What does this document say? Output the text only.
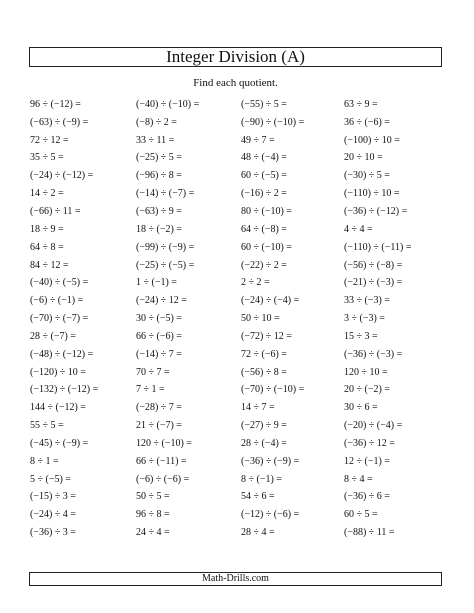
Integer Division (A)
Find each quotient.
96 ÷ (−12) =	(−40) ÷ (−10) =	(−55) ÷ 5 =	63 ÷ 9 =
(−63) ÷ (−9) =	(−8) ÷ 2 =	(−90) ÷ (−10) =	36 ÷ (−6) =
72 ÷ 12 =	33 ÷ 11 =	49 ÷ 7 =	(−100) ÷ 10 =
35 ÷ 5 =	(−25) ÷ 5 =	48 ÷ (−4) =	20 ÷ 10 =
(−24) ÷ (−12) =	(−96) ÷ 8 =	60 ÷ (−5) =	(−30) ÷ 5 =
14 ÷ 2 =	(−14) ÷ (−7) =	(−16) ÷ 2 =	(−110) ÷ 10 =
(−66) ÷ 11 =	(−63) ÷ 9 =	80 ÷ (−10) =	(−36) ÷ (−12) =
18 ÷ 9 =	18 ÷ (−2) =	64 ÷ (−8) =	4 ÷ 4 =
64 ÷ 8 =	(−99) ÷ (−9) =	60 ÷ (−10) =	(−110) ÷ (−11) =
84 ÷ 12 =	(−25) ÷ (−5) =	(−22) ÷ 2 =	(−56) ÷ (−8) =
(−40) ÷ (−5) =	1 ÷ (−1) =	2 ÷ 2 =	(−21) ÷ (−3) =
(−6) ÷ (−1) =	(−24) ÷ 12 =	(−24) ÷ (−4) =	33 ÷ (−3) =
(−70) ÷ (−7) =	30 ÷ (−5) =	50 ÷ 10 =	3 ÷ (−3) =
28 ÷ (−7) =	66 ÷ (−6) =	(−72) ÷ 12 =	15 ÷ 3 =
(−48) ÷ (−12) =	(−14) ÷ 7 =	72 ÷ (−6) =	(−36) ÷ (−3) =
(−120) ÷ 10 =	70 ÷ 7 =	(−56) ÷ 8 =	120 ÷ 10 =
(−132) ÷ (−12) =	7 ÷ 1 =	(−70) ÷ (−10) =	20 ÷ (−2) =
144 ÷ (−12) =	(−28) ÷ 7 =	14 ÷ 7 =	30 ÷ 6 =
55 ÷ 5 =	21 ÷ (−7) =	(−27) ÷ 9 =	(−20) ÷ (−4) =
(−45) ÷ (−9) =	120 ÷ (−10) =	28 ÷ (−4) =	(−36) ÷ 12 =
8 ÷ 1 =	66 ÷ (−11) =	(−36) ÷ (−9) =	12 ÷ (−1) =
5 ÷ (−5) =	(−6) ÷ (−6) =	8 ÷ (−1) =	8 ÷ 4 =
(−15) ÷ 3 =	50 ÷ 5 =	54 ÷ 6 =	(−36) ÷ 6 =
(−24) ÷ 4 =	96 ÷ 8 =	(−12) ÷ (−6) =	60 ÷ 5 =
(−36) ÷ 3 =	24 ÷ 4 =	28 ÷ 4 =	(−88) ÷ 11 =
Math-Drills.com
